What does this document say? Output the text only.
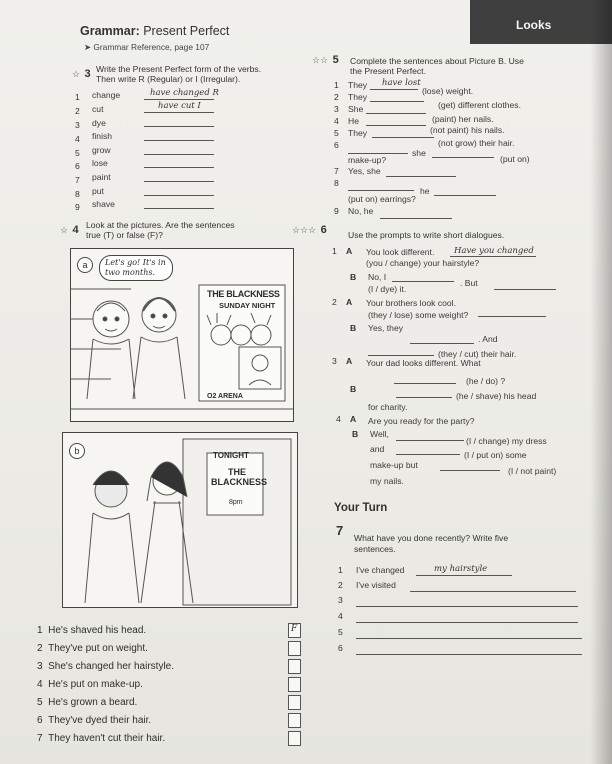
Looks
Grammar: Present Perfect
➤ Grammar Reference, page 107
☆ 3 Write the Present Perfect form of the verbs.
Then write R (Regular) or I (Irregular).
1 change	have changed R
2 cut	have cut I
3 dye
4 finish
5 grow
6 lose
7 paint
8 put
9 shave
☆ 4 Look at the pictures. Are the sentences
true (T) or false (F)?
a	Let's go! It's in two months.
THE BLACKNESS
SUNDAY NIGHT
O2 ARENA
b	TONIGHT
THE BLACKNESS
8pm
1 He's shaved his head.	F
2 They've put on weight.
3 She's changed her hairstyle.
4 He's put on make-up.
5 He's grown a beard.
6 They've dyed their hair.
7 They haven't cut their hair.
☆☆ 5 Complete the sentences about Picture B. Use
the Present Perfect.
1 They have lost
(lose) weight.
2 They
(get) different clothes.
3 She
(paint) her nails.
4 He
(not paint) his nails.
5 They
(not grow) their hair.
6
she
(put on)
make-up?
7 Yes, she
8
he
(put on) earrings?
9 No, he
☆☆☆ 6 Use the prompts to write short dialogues.
1 A You look different. Have you changed
(you / change) your hairstyle?
B No, I
. But
(I / dye) it.
2 A Your brothers look cool.
(they / lose) some weight?
B Yes, they
. And
(they / cut) their hair.
3 A Your dad looks different. What
(he / do) ?
B
(he / shave) his head
for charity.
4 A Are you ready for the party?
B Well,
(I / change) my dress
and
(I / put on) some
make-up but
(I / not paint)
my nails.
Your Turn
7 What have you done recently? Write five
sentences.
1 I've changed	my hairstyle
2 I've visited
3
4
5
6
